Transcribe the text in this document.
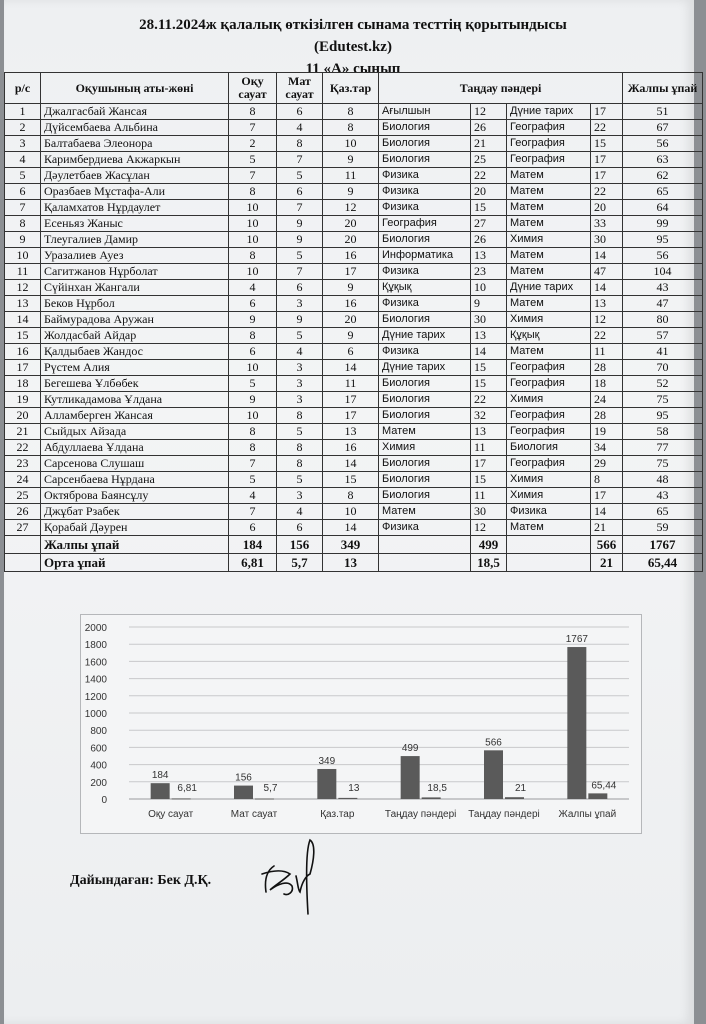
28.11.2024ж қалалық өткізілген сынама тесттің қорытындысы
(Edutest.kz)
11 «А» сынып
р/с	Оқушының аты-жөні	Оқу сауат	Мат сауат	Қаз.тар	Таңдау пәндері				Жалпы ұпай
1	Джалгасбай Жансая	8	6	8	Ағылшын	12	Дүние тарих	17	51
2	Дүйсембаева Альбина	7	4	8	Биология	26	География	22	67
3	Балтабаева Элеонора	2	8	10	Биология	21	География	15	56
4	Каримбердиева Акжаркын	5	7	9	Биология	25	География	17	63
5	Дәулетбаев Жасұлан	7	5	11	Физика	22	Матем	17	62
6	Оразбаев Мұстафа-Али	8	6	9	Физика	20	Матем	22	65
7	Қаламхатов Нұрдаулет	10	7	12	Физика	15	Матем	20	64
8	Есеньяз Жаныс	10	9	20	География	27	Матем	33	99
9	Тлеугалиев Дамир	10	9	20	Биология	26	Химия	30	95
10	Уразалиев Ауез	8	5	16	Информатика	13	Матем	14	56
11	Сагитжанов Нұрболат	10	7	17	Физика	23	Матем	47	104
12	Сүйінхан Жангали	4	6	9	Құқық	10	Дүние тарих	14	43
13	Беков Нұрбол	6	3	16	Физика	9	Матем	13	47
14	Баймурадова Аружан	9	9	20	Биология	30	Химия	12	80
15	Жолдасбай Айдар	8	5	9	Дүние тарих	13	Құқық	22	57
16	Қалдыбаев Жандос	6	4	6	Физика	14	Матем	11	41
17	Рүстем Алия	10	3	14	Дүние тарих	15	География	28	70
18	Бегешева Ұлбөбек	5	3	11	Биология	15	География	18	52
19	Кутликадамова Ұлдана	9	3	17	Биология	22	Химия	24	75
20	Алламберген Жансая	10	8	17	Биология	32	География	28	95
21	Сыйдых Айзада	8	5	13	Матем	13	География	19	58
22	Абдуллаева Ұлдана	8	8	16	Химия	11	Биология	34	77
23	Сарсенова Слушаш	7	8	14	Биология	17	География	29	75
24	Сарсенбаева Нұрдана	5	5	15	Биология	15	Химия	8	48
25	Октяброва Баянсұлу	4	3	8	Биология	11	Химия	17	43
26	Джұбат Рзабек	7	4	10	Матем	30	Физика	14	65
27	Қорабай Дәурен	6	6	14	Физика	12	Матем	21	59
	Жалпы ұпай	184	156	349		499		566	1767
	Орта ұпай	6,81	5,7	13		18,5		21	65,44
0
200
400
600
800
1000
1200
1400
1600
1800
2000
184
6,81
Оқу сауат
156
5,7
Мат сауат
349
13
Қаз.тар
499
18,5
Таңдау пәндері
566
21
Таңдау пәндері
1767
65,44
Жалпы ұпай
Дайындаған: Бек Д.Қ.
